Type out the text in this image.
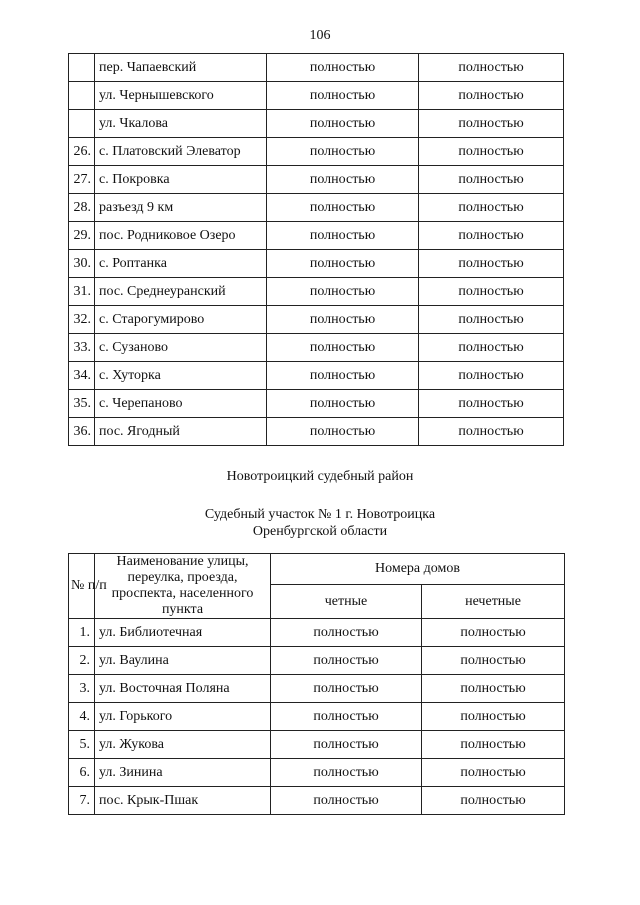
106
	пер. Чапаевский	полностью	полностью
	ул. Чернышевского	полностью	полностью
	ул. Чкалова	полностью	полностью
26.	с. Платовский Элеватор	полностью	полностью
27.	с. Покровка	полностью	полностью
28.	разъезд 9 км	полностью	полностью
29.	пос. Родниковое Озеро	полностью	полностью
30.	с. Роптанка	полностью	полностью
31.	пос. Среднеуранский	полностью	полностью
32.	с. Старогумирово	полностью	полностью
33.	с. Сузаново	полностью	полностью
34.	с. Хуторка	полностью	полностью
35.	с. Черепаново	полностью	полностью
36.	пос. Ягодный	полностью	полностью
Новотроицкий судебный район
Судебный участок № 1 г. Новотроицка
Оренбургской области
№ п/п	Наименование улицы, переулка, проезда, проспекта, населенного пункта	Номера домов	
		четные	нечетные
1.	ул. Библиотечная	полностью	полностью
2.	ул. Ваулина	полностью	полностью
3.	ул. Восточная Поляна	полностью	полностью
4.	ул. Горького	полностью	полностью
5.	ул. Жукова	полностью	полностью
6.	ул. Зинина	полностью	полностью
7.	пос. Крык-Пшак	полностью	полностью
